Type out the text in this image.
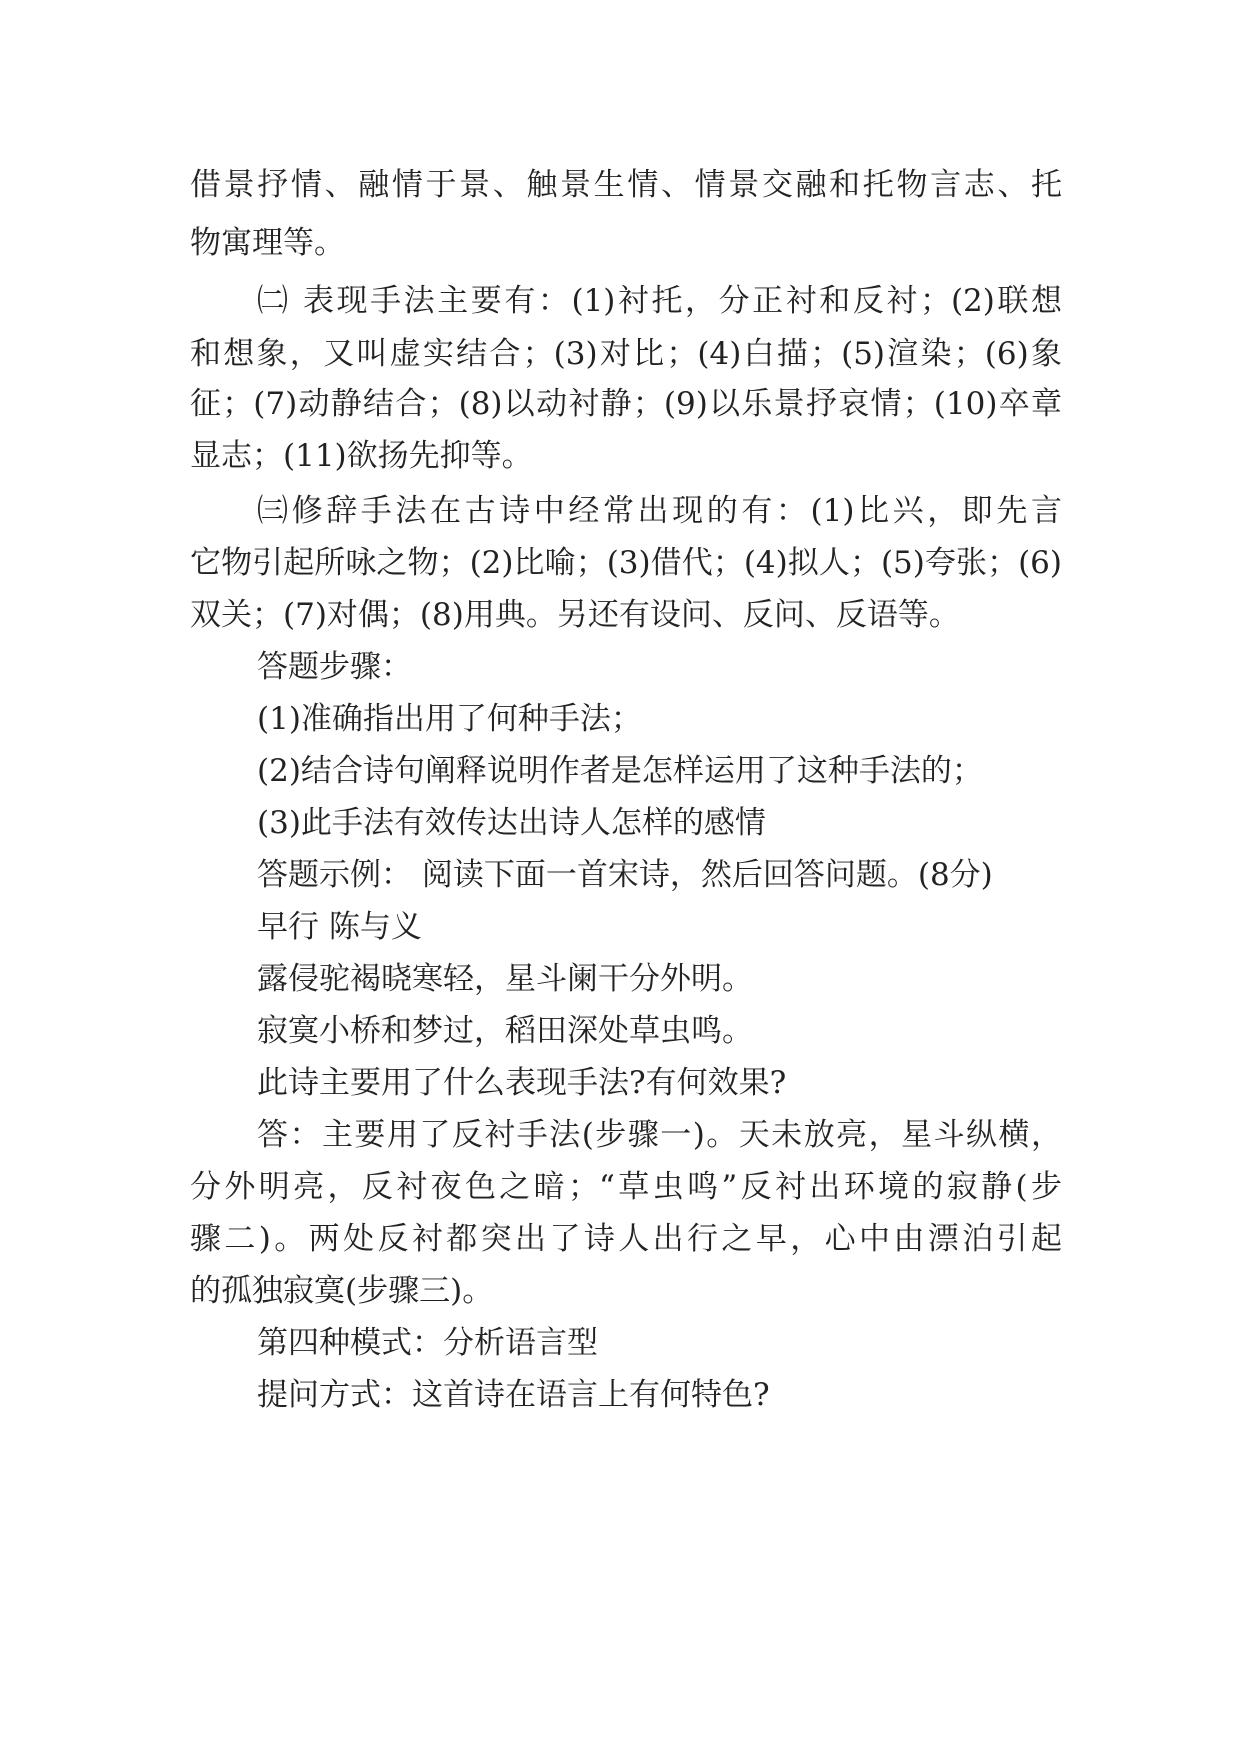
借景抒情、融情于景、触景生情、情景交融和托物言志、托
物寓理等。
㈡ 表现手法主要有：(1)衬托，分正衬和反衬；(2)联想
和想象，又叫虚实结合；(3)对比；(4)白描；(5)渲染；(6)象
征；(7)动静结合；(8)以动衬静；(9)以乐景抒哀情；(10)卒章
显志；(11)欲扬先抑等。
㈢修辞手法在古诗中经常出现的有：(1)比兴，即先言
它物引起所咏之物；(2)比喻；(3)借代；(4)拟人；(5)夸张；(6)
双关；(7)对偶；(8)用典。另还有设问、反问、反语等。
答题步骤：
(1)准确指出用了何种手法；
(2)结合诗句阐释说明作者是怎样运用了这种手法的；
(3)此手法有效传达出诗人怎样的感情
答题示例： 阅读下面一首宋诗，然后回答问题。(8分)
早行 陈与义
露侵驼褐晓寒轻，星斗阑干分外明。
寂寞小桥和梦过，稻田深处草虫鸣。
此诗主要用了什么表现手法?有何效果?
答：主要用了反衬手法(步骤一)。天未放亮，星斗纵横，
分外明亮，反衬夜色之暗；“草虫鸣”反衬出环境的寂静(步
骤二)。两处反衬都突出了诗人出行之早，心中由漂泊引起
的孤独寂寞(步骤三)。
第四种模式：分析语言型
提问方式：这首诗在语言上有何特色?
